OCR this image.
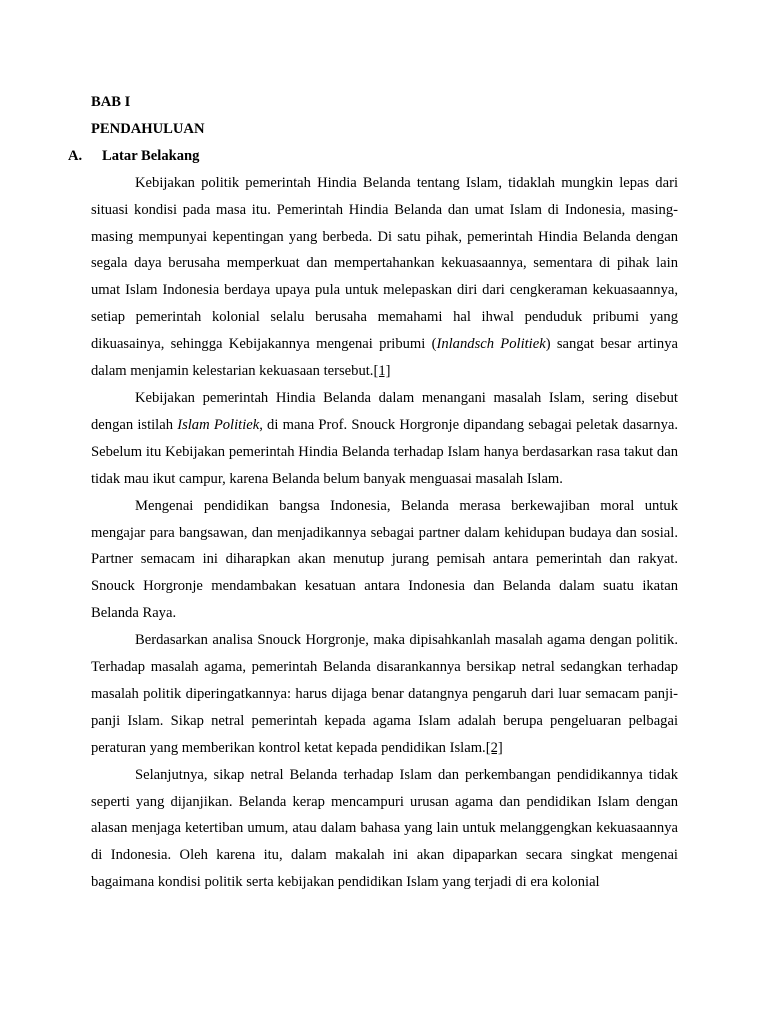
BAB I

PENDAHULUAN

A. Latar Belakang

Kebijakan politik pemerintah Hindia Belanda tentang Islam, tidaklah mungkin lepas dari situasi kondisi pada masa itu. Pemerintah Hindia Belanda dan umat Islam di Indonesia, masing-masing mempunyai kepentingan yang berbeda. Di satu pihak, pemerintah Hindia Belanda dengan segala daya berusaha memperkuat dan mempertahankan kekuasaannya, sementara di pihak lain umat Islam Indonesia berdaya upaya pula untuk melepaskan diri dari cengkeraman kekuasaannya, setiap pemerintah kolonial selalu berusaha memahami hal ihwal penduduk pribumi yang dikuasainya, sehingga Kebijakannya mengenai pribumi (Inlandsch Politiek) sangat besar artinya dalam menjamin kelestarian kekuasaan tersebut.[1]

Kebijakan pemerintah Hindia Belanda dalam menangani masalah Islam, sering disebut dengan istilah Islam Politiek, di mana Prof. Snouck Horgronje dipandang sebagai peletak dasarnya. Sebelum itu Kebijakan pemerintah Hindia Belanda terhadap Islam hanya berdasarkan rasa takut dan tidak mau ikut campur, karena Belanda belum banyak menguasai masalah Islam.

Mengenai pendidikan bangsa Indonesia, Belanda merasa berkewajiban moral untuk mengajar para bangsawan, dan menjadikannya sebagai partner dalam kehidupan budaya dan sosial. Partner semacam ini diharapkan akan menutup jurang pemisah antara pemerintah dan rakyat. Snouck Horgronje mendambakan kesatuan antara Indonesia dan Belanda dalam suatu ikatan Belanda Raya.

Berdasarkan analisa Snouck Horgronje, maka dipisahkanlah masalah agama dengan politik. Terhadap masalah agama, pemerintah Belanda disarankannya bersikap netral sedangkan terhadap masalah politik diperingatkannya: harus dijaga benar datangnya pengaruh dari luar semacam panji-panji Islam. Sikap netral pemerintah kepada agama Islam adalah berupa pengeluaran pelbagai peraturan yang memberikan kontrol ketat kepada pendidikan Islam.[2]

Selanjutnya, sikap netral Belanda terhadap Islam dan perkembangan pendidikannya tidak seperti yang dijanjikan. Belanda kerap mencampuri urusan agama dan pendidikan Islam dengan alasan menjaga ketertiban umum, atau dalam bahasa yang lain untuk melanggengkan kekuasaannya di Indonesia. Oleh karena itu, dalam makalah ini akan dipaparkan secara singkat mengenai bagaimana kondisi politik serta kebijakan pendidikan Islam yang terjadi di era kolonial
